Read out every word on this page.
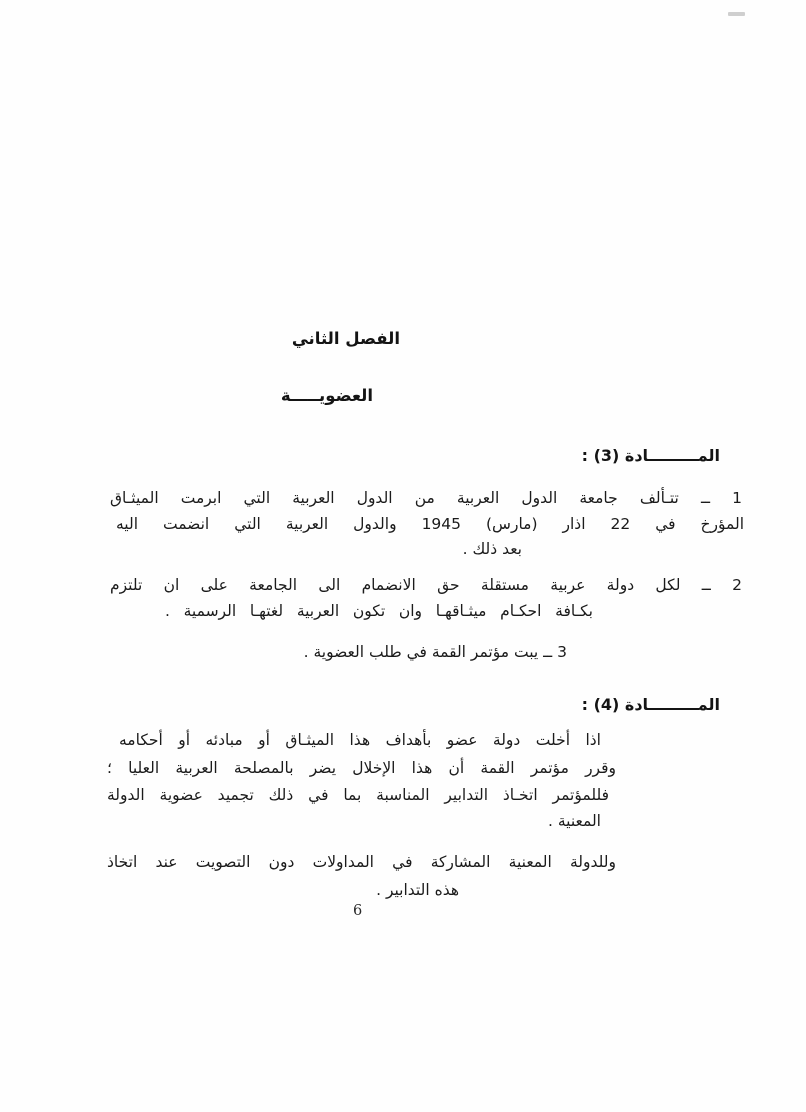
الفصل الثاني
العضويـــــة
المـــــــــادة (3) :
1 ــ تتـألف جامعة الدول العربية من الدول العربية التي ابرمت الميثـاق
المؤرخ في 22 اذار (مارس) 1945 والدول العربية التي انضمت اليه
بعد ذلك .
2 ــ لكل دولة عربية مستقلة حق الانضمام الى الجامعة على ان تلتزم
بكـافة احكـام ميثـاقهـا وان تكون العربية لغتهـا الرسمية .
3 ــ يبت مؤتمر القمة في طلب العضوية .
المـــــــــادة (4) :
اذا أخلت دولة عضو بأهداف هذا الميثـاق أو مبادئه أو أحكامه
وقرر مؤتمر القمة أن هذا الإخلال يضر بالمصلحة العربية العليا ؛
فللمؤتمر اتخـاذ التدابير المناسبة بما في ذلك تجميد عضوية الدولة
المعنية .
وللدولة المعنية المشاركة في المداولات دون التصويت عند اتخاذ
هذه التدابير .
6
